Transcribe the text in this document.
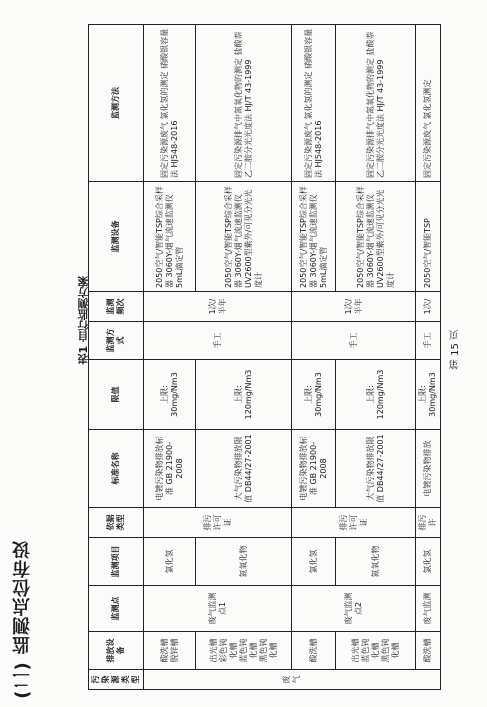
(二) 监测点位布设
表1 自行监测方案	第 15 页
污染源类型	排放设备	监测点	监测项目	依据类型	标准名称	限值	监测方式	监测频次	监测设备	监测方法
废气	酸洗槽
脱锌槽	废气监测点1	氯化氢	排污许可证	电镀污染物排放标准 GB 21900-2008	上限: 30mg/Nm3	手工	1次/半年	2050空气/智能TSP综合采样器 3060Y-烟气流速监测仪 5mL滴定管	固定污染源废气 氯化氢的测定 硝酸银容量法 HJ548-2016
	出光槽
彩色钝化槽
蓝色钝化槽
黑色钝化槽		氮氧化物		大气污染物排放限值 DB44/27-2001	上限: 120mg/Nm3			2050空气/智能TSP综合采样器 3060Y-烟气流速监测仪 UV2600型紫外/可见分光光度计	固定污染源排气中氮氧化物的测定 盐酸萘乙二胺分光光度法 HJ/T 43-1999
	酸洗槽	废气监测点2	氯化氢	排污许可证	电镀污染物排放标准 GB 21900-2008	上限: 30mg/Nm3	手工	1次/半年	2050空气/智能TSP综合采样器 3060Y-烟气流速监测仪 5mL滴定管	固定污染源废气 氯化氢的测定 硝酸银容量法 HJ548-2016
	出光槽
蓝色钝化槽
黑色钝化槽		氮氧化物		大气污染物排放限值 DB44/27-2001	上限: 120mg/Nm3			2050空气/智能TSP综合采样器 3060Y-烟气流速监测仪 UV2600型紫外/可见分光光度计	固定污染源排气中氮氧化物的测定 盐酸萘乙二胺分光光度法 HJ/T 43-1999
	酸洗槽	废气监测	氯化氢	排污许	电镀污染物排放	上限: 30mg/Nm3	手工	1次/	2050空气/智能TSP	固定污染源废气 氯化氢测定
